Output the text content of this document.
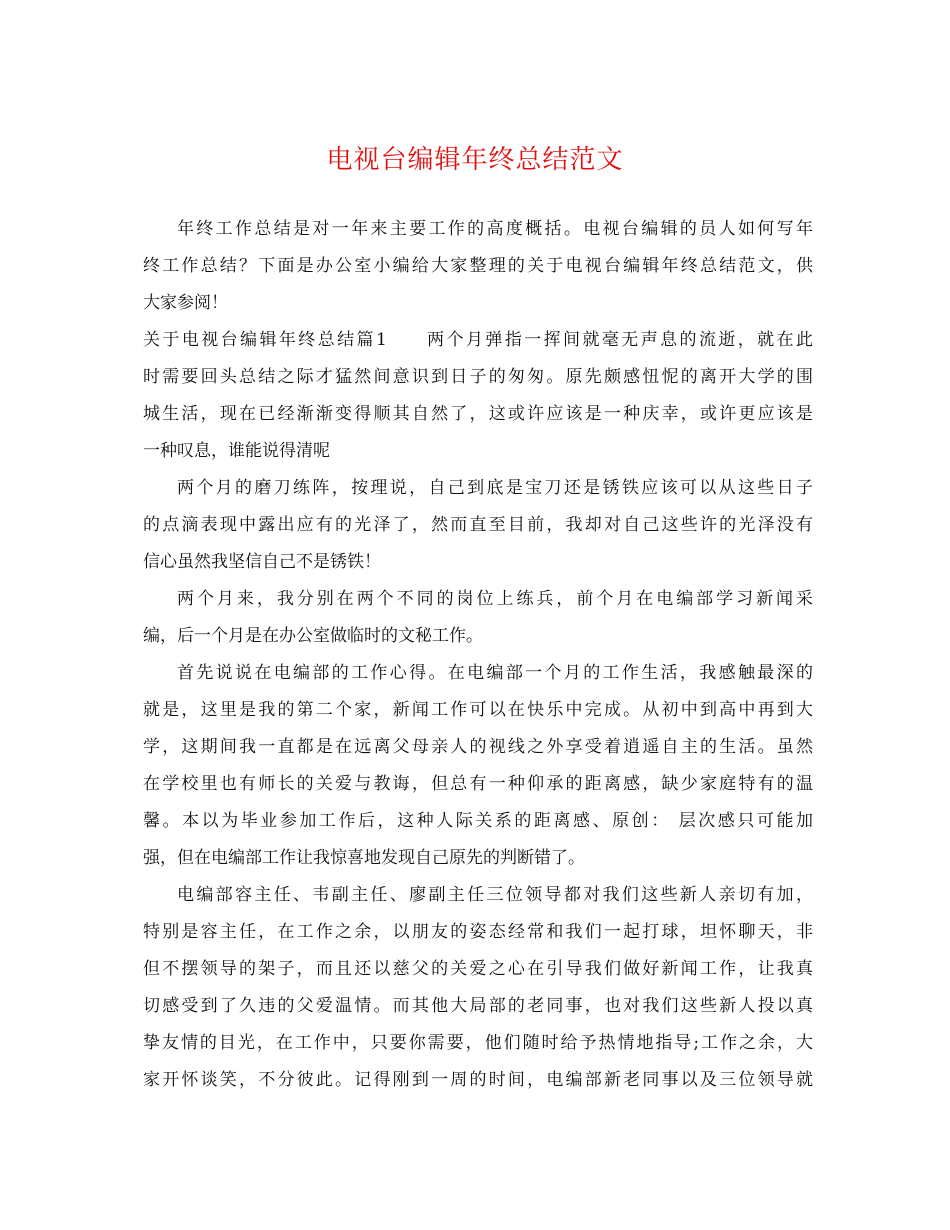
电视台编辑年终总结范文
年终工作总结是对一年来主要工作的高度概括。电视台编辑的员人如何写年
终工作总结？下面是办公室小编给大家整理的关于电视台编辑年终总结范文，供
大家参阅！
关于电视台编辑年终总结篇1 两个月弹指一挥间就毫无声息的流逝，就在此
时需要回头总结之际才猛然间意识到日子的匆匆。原先颇感忸怩的离开大学的围
城生活，现在已经渐渐变得顺其自然了，这或许应该是一种庆幸，或许更应该是
一种叹息，谁能说得清呢
两个月的磨刀练阵，按理说，自己到底是宝刀还是锈铁应该可以从这些日子
的点滴表现中露出应有的光泽了，然而直至目前，我却对自己这些许的光泽没有
信心虽然我坚信自己不是锈铁！
两个月来，我分别在两个不同的岗位上练兵，前个月在电编部学习新闻采
编，后一个月是在办公室做临时的文秘工作。
首先说说在电编部的工作心得。在电编部一个月的工作生活，我感触最深的
就是，这里是我的第二个家，新闻工作可以在快乐中完成。从初中到高中再到大
学，这期间我一直都是在远离父母亲人的视线之外享受着逍遥自主的生活。虽然
在学校里也有师长的关爱与教诲，但总有一种仰承的距离感，缺少家庭特有的温
馨。本以为毕业参加工作后，这种人际关系的距离感、原创： 层次感只可能加
强，但在电编部工作让我惊喜地发现自己原先的判断错了。
电编部容主任、韦副主任、廖副主任三位领导都对我们这些新人亲切有加，
特别是容主任，在工作之余，以朋友的姿态经常和我们一起打球，坦怀聊天，非
但不摆领导的架子，而且还以慈父的关爱之心在引导我们做好新闻工作，让我真
切感受到了久违的父爱温情。而其他大局部的老同事，也对我们这些新人投以真
挚友情的目光，在工作中，只要你需要，他们随时给予热情地指导;工作之余，大
家开怀谈笑，不分彼此。记得刚到一周的时间，电编部新老同事以及三位领导就
